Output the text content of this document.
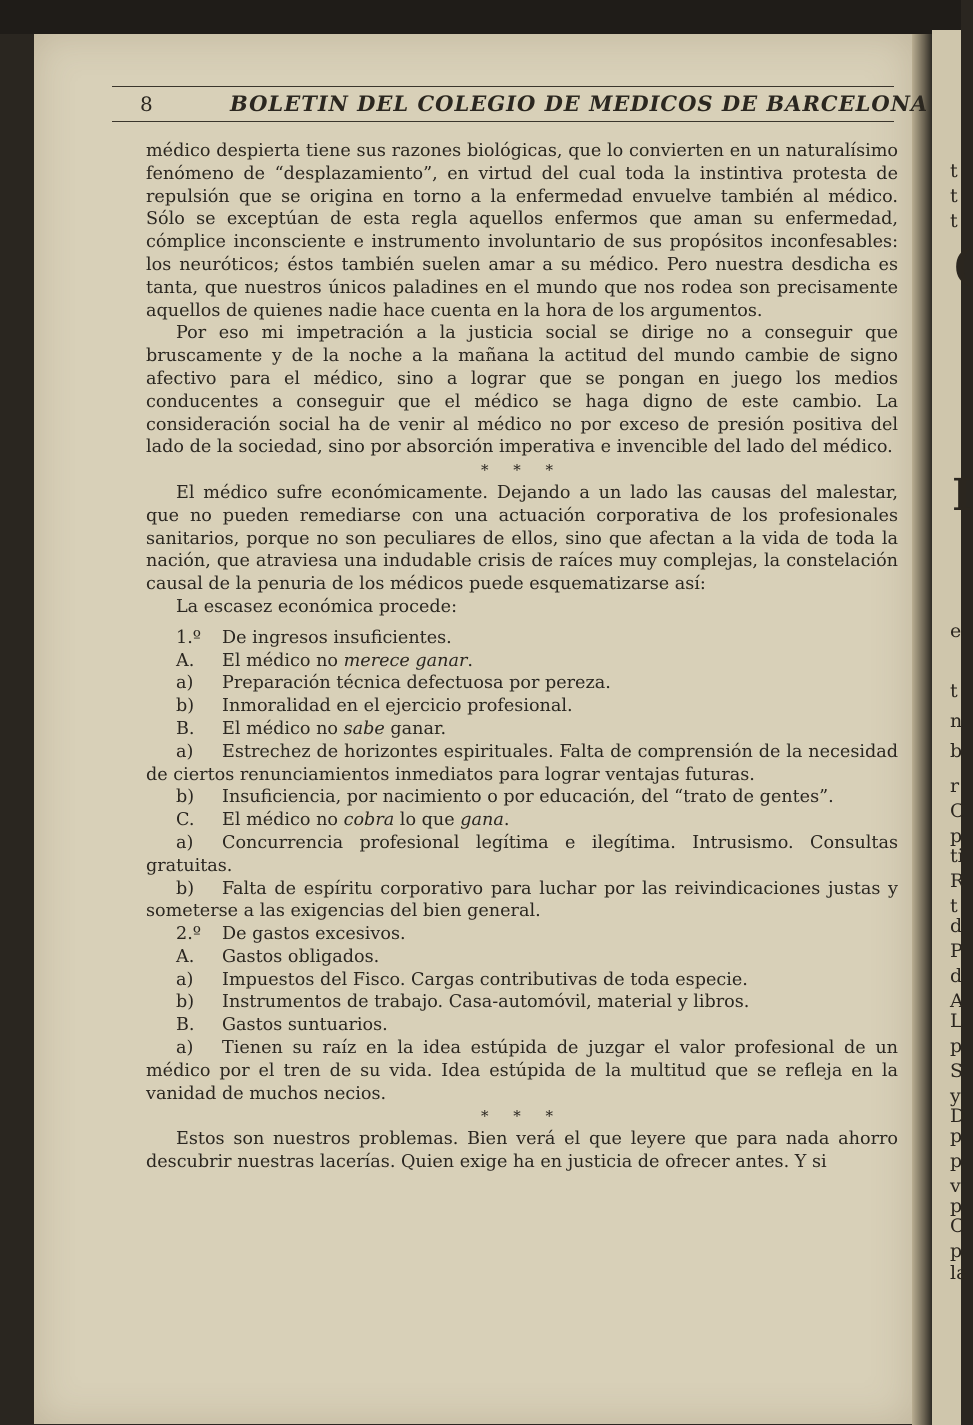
t
t
t
(
I
e
t
n
b
r
C
p
ti
R
t
d
P
d
A
L
p
S
y
D
p
p
v
p
C
p
la
8	BOLETIN DEL COLEGIO DE MEDICOS DE BARCELONA

médico despierta tiene sus razones biológicas, que lo convierten en un naturalísimo fenómeno de “desplazamiento”, en virtud del cual toda la instintiva protesta de repulsión que se origina en torno a la enfermedad envuelve también al médico. Sólo se exceptúan de esta regla aquellos enfermos que aman su enfermedad, cómplice inconsciente e instrumento involuntario de sus propósitos inconfesables: los neuróticos; éstos también suelen amar a su médico. Pero nuestra desdicha es tanta, que nuestros únicos paladines en el mundo que nos rodea son precisamente aquellos de quienes nadie hace cuenta en la hora de los argumentos.

Por eso mi impetración a la justicia social se dirige no a conseguir que bruscamente y de la noche a la mañana la actitud del mundo cambie de signo afectivo para el médico, sino a lograr que se pongan en juego los medios conducentes a conseguir que el médico se haga digno de este cambio. La consideración social ha de venir al médico no por exceso de presión positiva del lado de la sociedad, sino por absorción imperativa e invencible del lado del médico.

* * *

El médico sufre económicamente. Dejando a un lado las causas del malestar, que no pueden remediarse con una actuación corporativa de los profesionales sanitarios, porque no son peculiares de ellos, sino que afectan a la vida de toda la nación, que atraviesa una indudable crisis de raíces muy complejas, la constelación causal de la penuria de los médicos puede esquematizarse así:

La escasez económica procede:

1.º De ingresos insuficientes.

A. El médico no merece ganar.

a) Preparación técnica defectuosa por pereza.

b) Inmoralidad en el ejercicio profesional.

B. El médico no sabe ganar.

a) Estrechez de horizontes espirituales. Falta de comprensión de la necesidad de ciertos renunciamientos inmediatos para lograr ventajas futuras.

b) Insuficiencia, por nacimiento o por educación, del “trato de gentes”.

C. El médico no cobra lo que gana.

a) Concurrencia profesional legítima e ilegítima. Intrusismo. Consultas gratuitas.

b) Falta de espíritu corporativo para luchar por las reivindicaciones justas y someterse a las exigencias del bien general.

2.º De gastos excesivos.

A. Gastos obligados.

a) Impuestos del Fisco. Cargas contributivas de toda especie.

b) Instrumentos de trabajo. Casa-automóvil, material y libros.

B. Gastos suntuarios.

a) Tienen su raíz en la idea estúpida de juzgar el valor profesional de un médico por el tren de su vida. Idea estúpida de la multitud que se refleja en la vanidad de muchos necios.

* * *

Estos son nuestros problemas. Bien verá el que leyere que para nada ahorro descubrir nuestras lacerías. Quien exige ha en justicia de ofrecer antes. Y si
